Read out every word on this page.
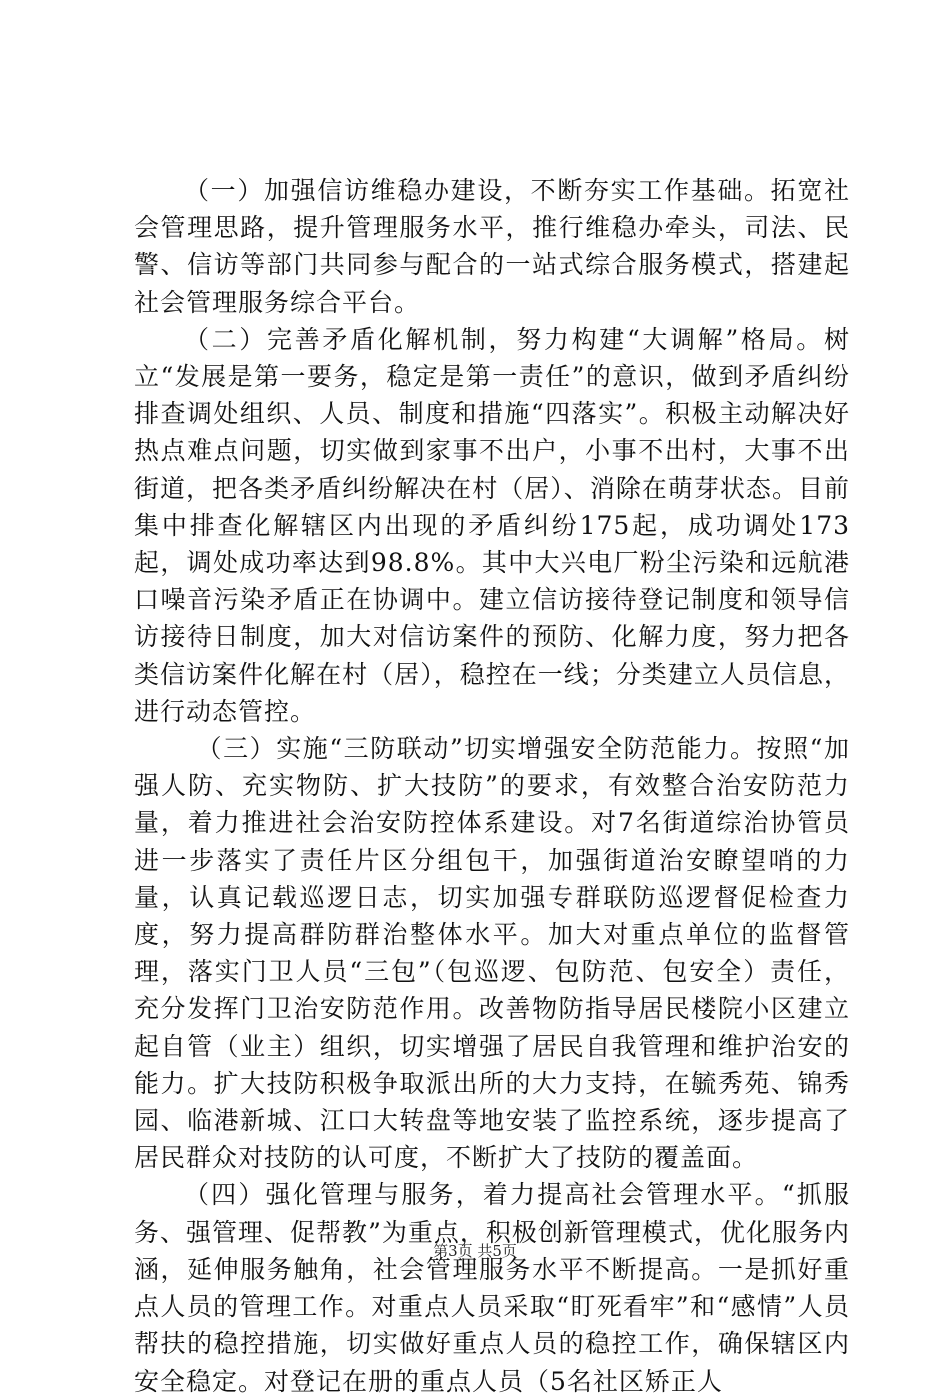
（一）加强信访维稳办建设，不断夯实工作基础。拓宽社会管理思路，提升管理服务水平，推行维稳办牵头，司法、民警、信访等部门共同参与配合的一站式综合服务模式，搭建起社会管理服务综合平台。

（二）完善矛盾化解机制，努力构建“大调解”格局。树立“发展是第一要务，稳定是第一责任”的意识，做到矛盾纠纷排查调处组织、人员、制度和措施“四落实”。积极主动解决好热点难点问题，切实做到家事不出户，小事不出村，大事不出街道，把各类矛盾纠纷解决在村（居）、消除在萌芽状态。目前集中排查化解辖区内出现的矛盾纠纷175起，成功调处173起，调处成功率达到98.8%。其中大兴电厂粉尘污染和远航港口噪音污染矛盾正在协调中。建立信访接待登记制度和领导信访接待日制度，加大对信访案件的预防、化解力度，努力把各类信访案件化解在村（居），稳控在一线；分类建立人员信息，进行动态管控。

（三）实施“三防联动”切实增强安全防范能力。按照“加强人防、充实物防、扩大技防”的要求，有效整合治安防范力量，着力推进社会治安防控体系建设。对7名街道综治协管员进一步落实了责任片区分组包干，加强街道治安瞭望哨的力量，认真记载巡逻日志，切实加强专群联防巡逻督促检查力度，努力提高群防群治整体水平。加大对重点单位的监督管理，落实门卫人员“三包”（包巡逻、包防范、包安全）责任，充分发挥门卫治安防范作用。改善物防指导居民楼院小区建立起自管（业主）组织，切实增强了居民自我管理和维护治安的能力。扩大技防积极争取派出所的大力支持，在毓秀苑、锦秀园、临港新城、江口大转盘等地安装了监控系统，逐步提高了居民群众对技防的认可度，不断扩大了技防的覆盖面。

（四）强化管理与服务，着力提高社会管理水平。“抓服务、强管理、促帮教”为重点，积极创新管理模式，优化服务内涵，延伸服务触角，社会管理服务水平不断提高。一是抓好重点人员的管理工作。对重点人员采取“盯死看牢”和“感情”人员帮扶的稳控措施，切实做好重点人员的稳控工作，确保辖区内安全稳定。对登记在册的重点人员（5名社区矫正人

第3页 共5页
